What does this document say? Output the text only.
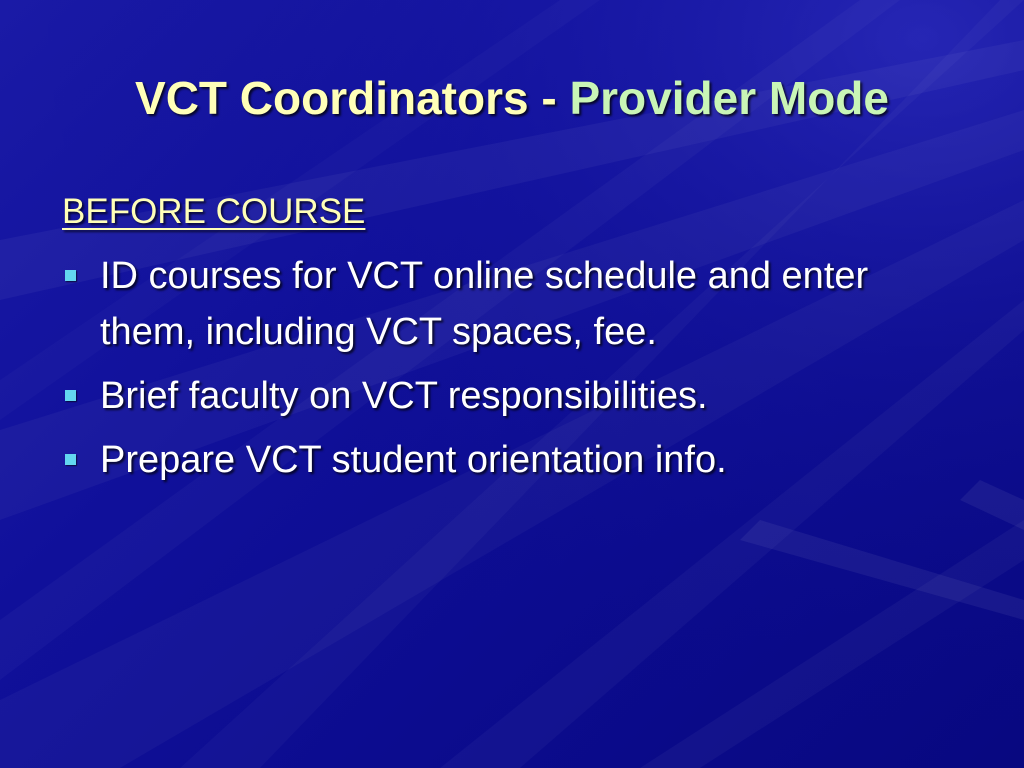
VCT Coordinators - Provider Mode
BEFORE COURSE
ID courses for VCT online schedule and enter them, including VCT spaces, fee.
Brief faculty on VCT responsibilities.
Prepare VCT student orientation info.
